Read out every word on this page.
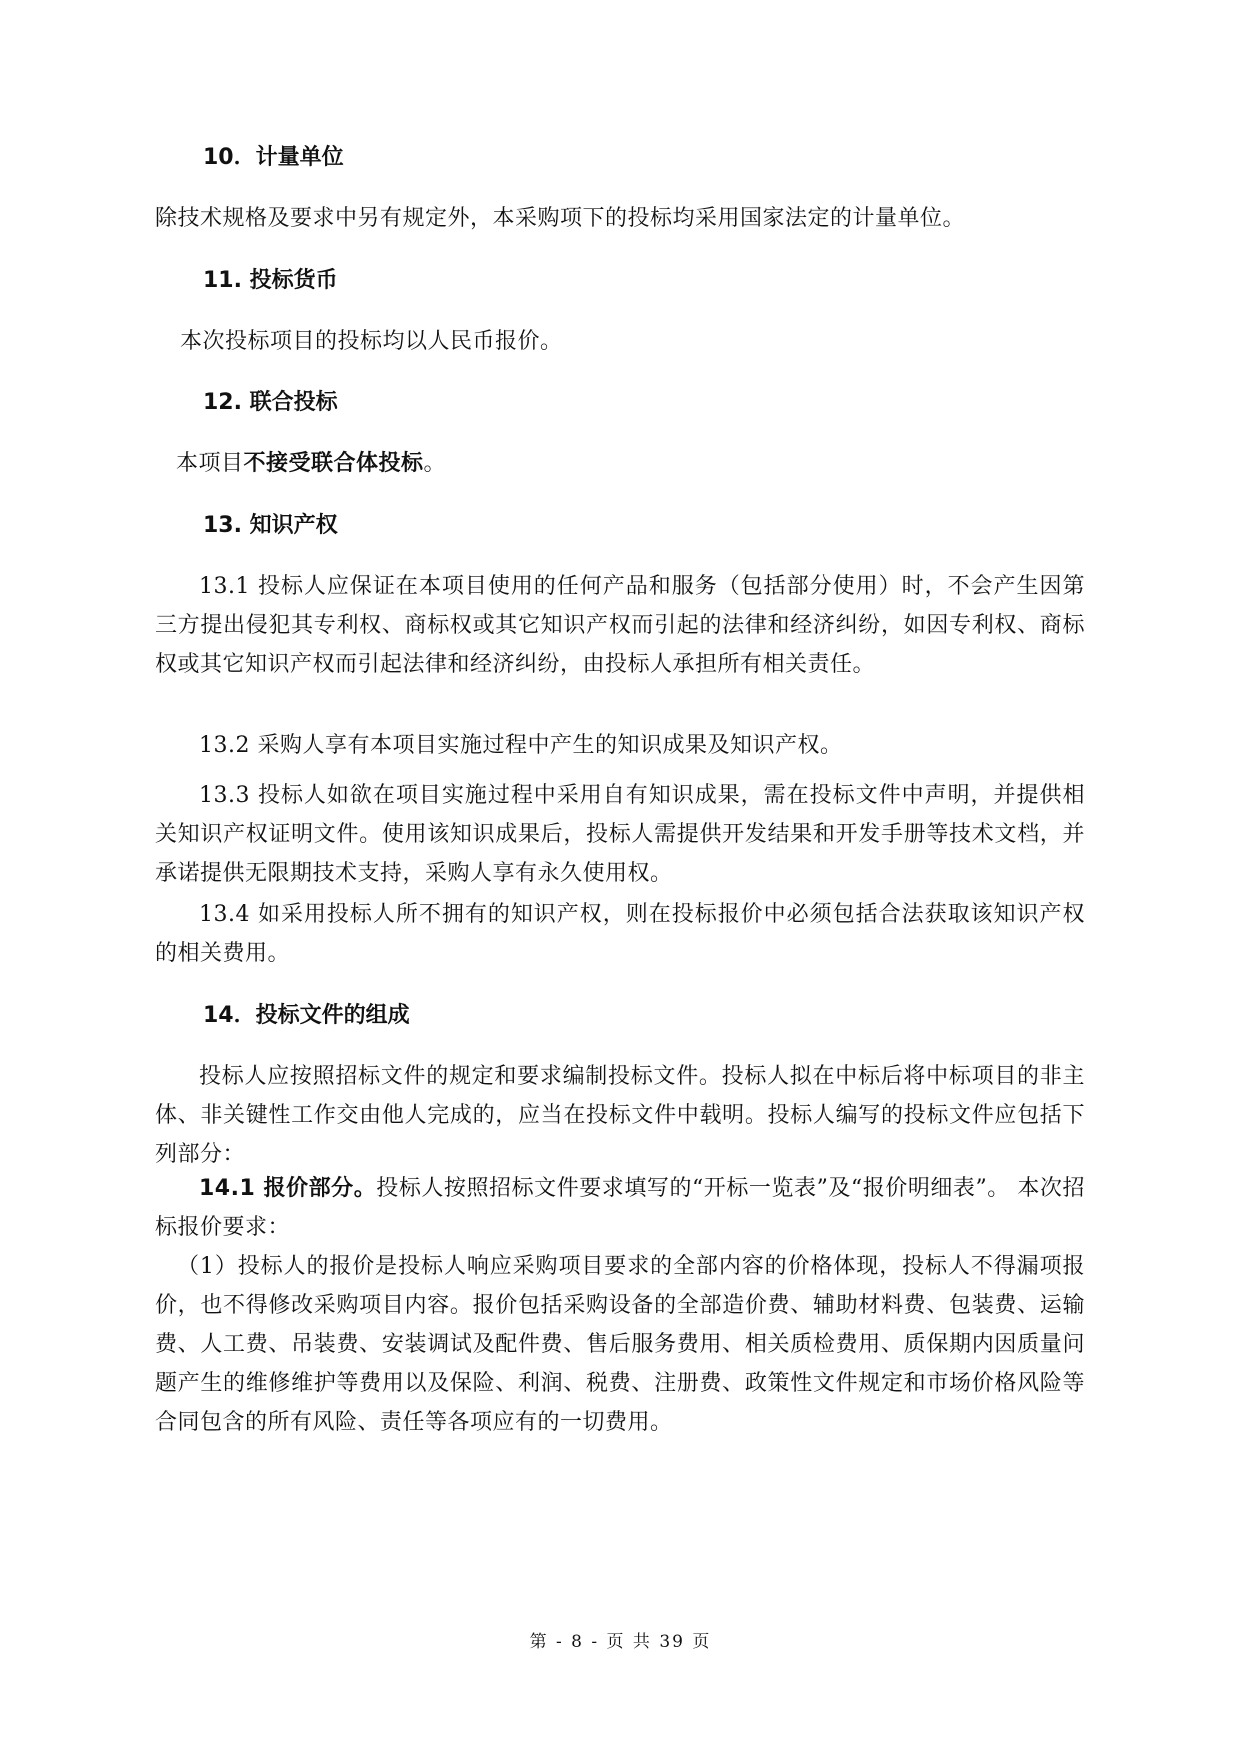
10．计量单位
除技术规格及要求中另有规定外，本采购项下的投标均采用国家法定的计量单位。
11. 投标货币
本次投标项目的投标均以人民币报价。
12. 联合投标
本项目不接受联合体投标。
13. 知识产权
13.1 投标人应保证在本项目使用的任何产品和服务（包括部分使用）时，不会产生因第三方提出侵犯其专利权、商标权或其它知识产权而引起的法律和经济纠纷，如因专利权、商标权或其它知识产权而引起法律和经济纠纷，由投标人承担所有相关责任。
13.2 采购人享有本项目实施过程中产生的知识成果及知识产权。
13.3 投标人如欲在项目实施过程中采用自有知识成果，需在投标文件中声明，并提供相关知识产权证明文件。使用该知识成果后，投标人需提供开发结果和开发手册等技术文档，并承诺提供无限期技术支持，采购人享有永久使用权。
13.4 如采用投标人所不拥有的知识产权，则在投标报价中必须包括合法获取该知识产权的相关费用。
14．投标文件的组成
投标人应按照招标文件的规定和要求编制投标文件。投标人拟在中标后将中标项目的非主体、非关键性工作交由他人完成的，应当在投标文件中载明。投标人编写的投标文件应包括下列部分：
14.1 报价部分。投标人按照招标文件要求填写的“开标一览表”及“报价明细表”。 本次招标报价要求：
（1）投标人的报价是投标人响应采购项目要求的全部内容的价格体现，投标人不得漏项报价，也不得修改采购项目内容。报价包括采购设备的全部造价费、辅助材料费、包装费、运输费、人工费、吊装费、安装调试及配件费、售后服务费用、相关质检费用、质保期内因质量问题产生的维修维护等费用以及保险、利润、税费、注册费、政策性文件规定和市场价格风险等合同包含的所有风险、责任等各项应有的一切费用。
第 - 8 - 页 共 39 页
